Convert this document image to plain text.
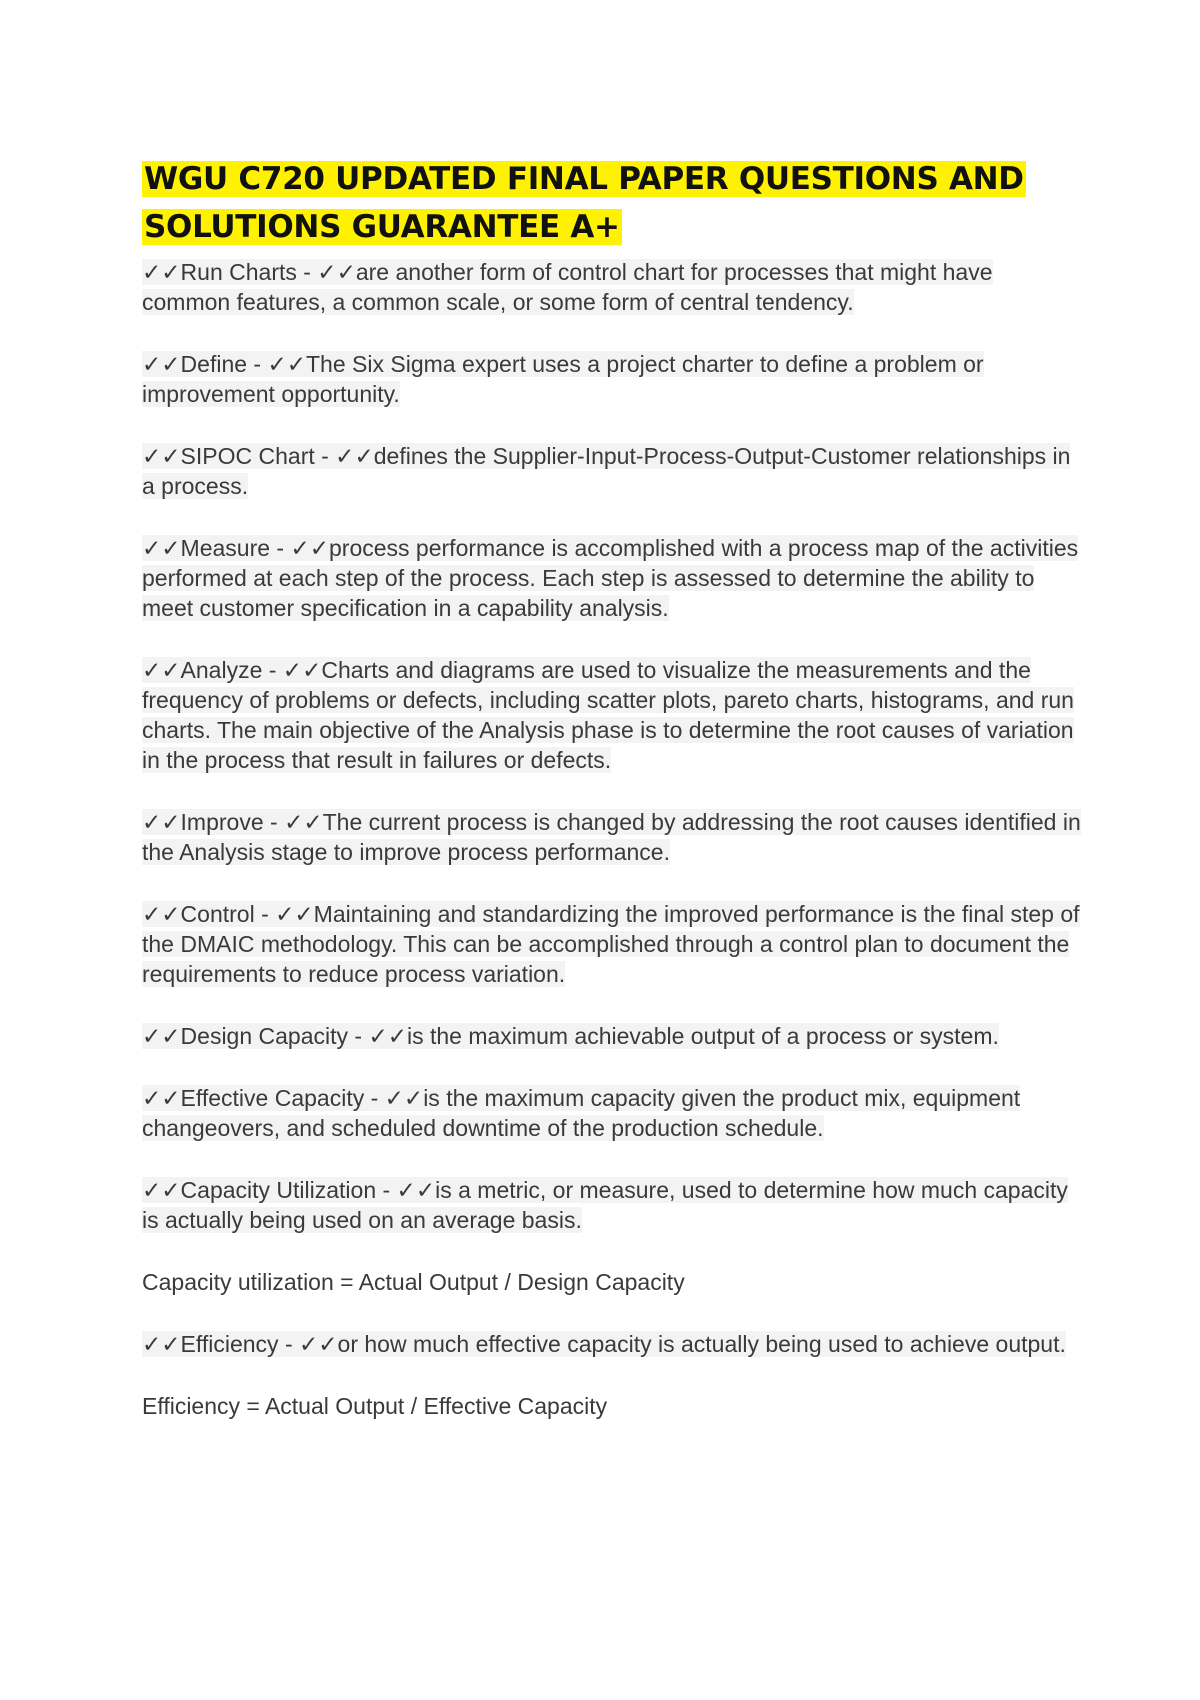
WGU C720 UPDATED FINAL PAPER QUESTIONS AND
SOLUTIONS GUARANTEE A+

✓✓Run Charts - ✓✓are another form of control chart for processes that might have common features, a common scale, or some form of central tendency.

✓✓Define - ✓✓The Six Sigma expert uses a project charter to define a problem or improvement opportunity.

✓✓SIPOC Chart - ✓✓defines the Supplier-Input-Process-Output-Customer relationships in a process.

✓✓Measure - ✓✓process performance is accomplished with a process map of the activities performed at each step of the process. Each step is assessed to determine the ability to meet customer specification in a capability analysis.

✓✓Analyze - ✓✓Charts and diagrams are used to visualize the measurements and the frequency of problems or defects, including scatter plots, pareto charts, histograms, and run charts. The main objective of the Analysis phase is to determine the root causes of variation in the process that result in failures or defects.

✓✓Improve - ✓✓The current process is changed by addressing the root causes identified in the Analysis stage to improve process performance.

✓✓Control - ✓✓Maintaining and standardizing the improved performance is the final step of the DMAIC methodology. This can be accomplished through a control plan to document the requirements to reduce process variation.

✓✓Design Capacity - ✓✓is the maximum achievable output of a process or system.

✓✓Effective Capacity - ✓✓is the maximum capacity given the product mix, equipment changeovers, and scheduled downtime of the production schedule.

✓✓Capacity Utilization - ✓✓is a metric, or measure, used to determine how much capacity is actually being used on an average basis.

Capacity utilization = Actual Output / Design Capacity

✓✓Efficiency - ✓✓or how much effective capacity is actually being used to achieve output.

Efficiency = Actual Output / Effective Capacity
